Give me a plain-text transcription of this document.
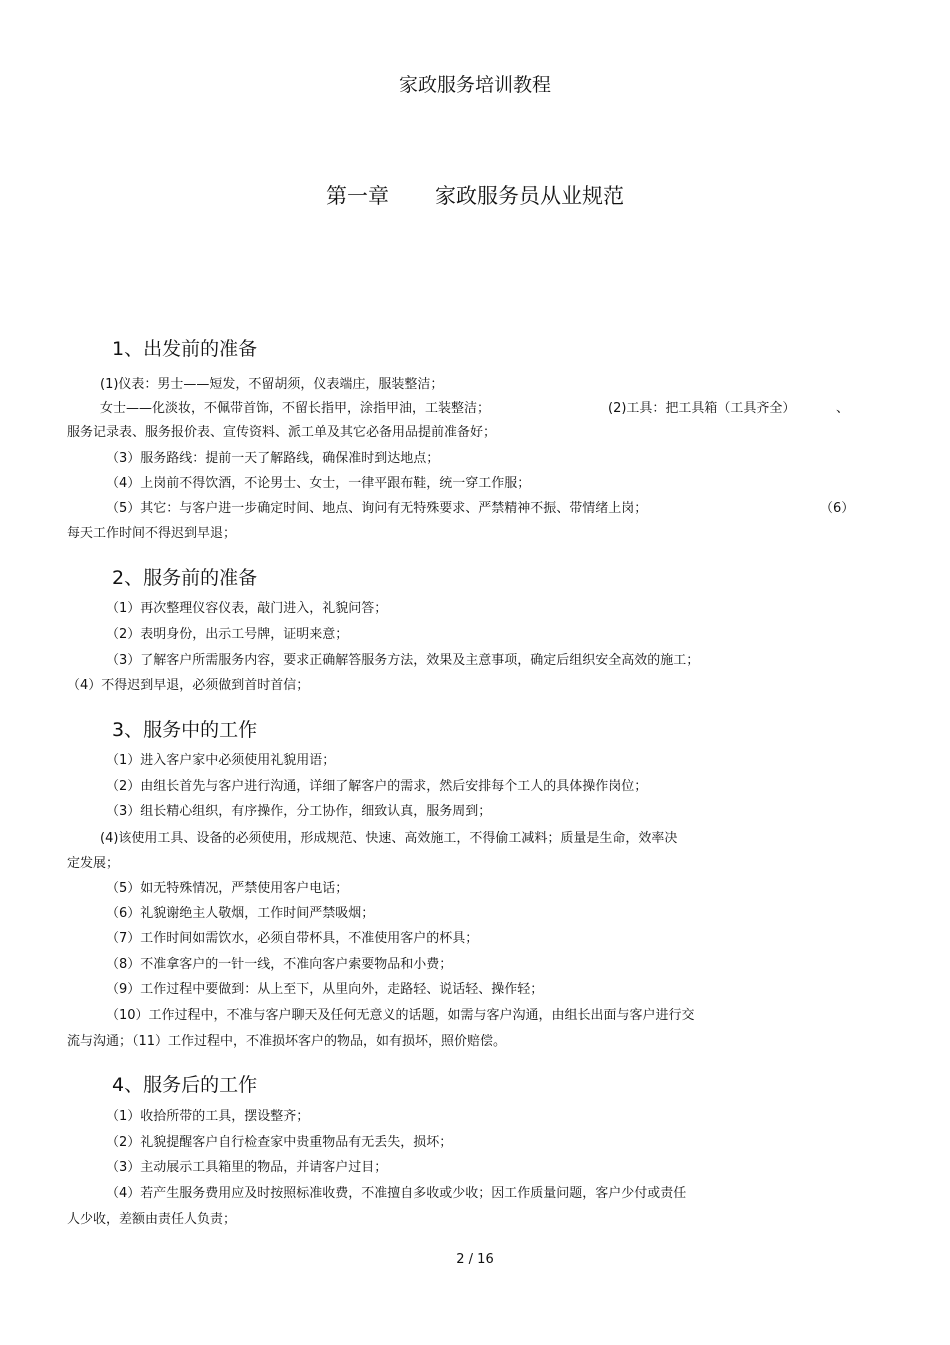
家政服务培训教程
第一章 家政服务员从业规范
1、出发前的准备
(1)仪表：男士——短发，不留胡须，仪表端庄，服装整洁；
女士——化淡妆，不佩带首饰，不留长指甲，涂指甲油，工装整洁；	(2)工具：把工具箱（工具齐全）	、
服务记录表、服务报价表、宣传资料、派工单及其它必备用品提前准备好；
（3）服务路线：提前一天了解路线，确保准时到达地点；
（4）上岗前不得饮酒，不论男士、女士，一律平跟布鞋，统一穿工作服；
（5）其它：与客户进一步确定时间、地点、询问有无特殊要求、严禁精神不振、带情绪上岗；	（6）
每天工作时间不得迟到早退；
2、服务前的准备
（1）再次整理仪容仪表，敲门进入，礼貌问答；
（2）表明身份，出示工号牌，证明来意；
（3）了解客户所需服务内容，要求正确解答服务方法，效果及主意事项，确定后组织安全高效的施工；
（4）不得迟到早退，必须做到首时首信；
3、服务中的工作
（1）进入客户家中必须使用礼貌用语；
（2）由组长首先与客户进行沟通，详细了解客户的需求，然后安排每个工人的具体操作岗位；
（3）组长精心组织，有序操作，分工协作，细致认真，服务周到；
(4)该使用工具、设备的必须使用，形成规范、快速、高效施工，不得偷工减料；质量是生命，效率决
定发展；
（5）如无特殊情况，严禁使用客户电话；
（6）礼貌谢绝主人敬烟，工作时间严禁吸烟；
（7）工作时间如需饮水，必须自带杯具，不准使用客户的杯具；
（8）不准拿客户的一针一线，不准向客户索要物品和小费；
（9）工作过程中要做到：从上至下，从里向外，走路轻、说话轻、操作轻；
（10）工作过程中，不准与客户聊天及任何无意义的话题，如需与客户沟通，由组长出面与客户进行交
流与沟通；（11）工作过程中，不准损坏客户的物品，如有损坏，照价赔偿。
4、服务后的工作
（1）收拾所带的工具，摆设整齐；
（2）礼貌提醒客户自行检查家中贵重物品有无丢失，损坏；
（3）主动展示工具箱里的物品，并请客户过目；
（4）若产生服务费用应及时按照标准收费，不准擅自多收或少收；因工作质量问题，客户少付或责任
人少收，差额由责任人负责；
2 / 16
